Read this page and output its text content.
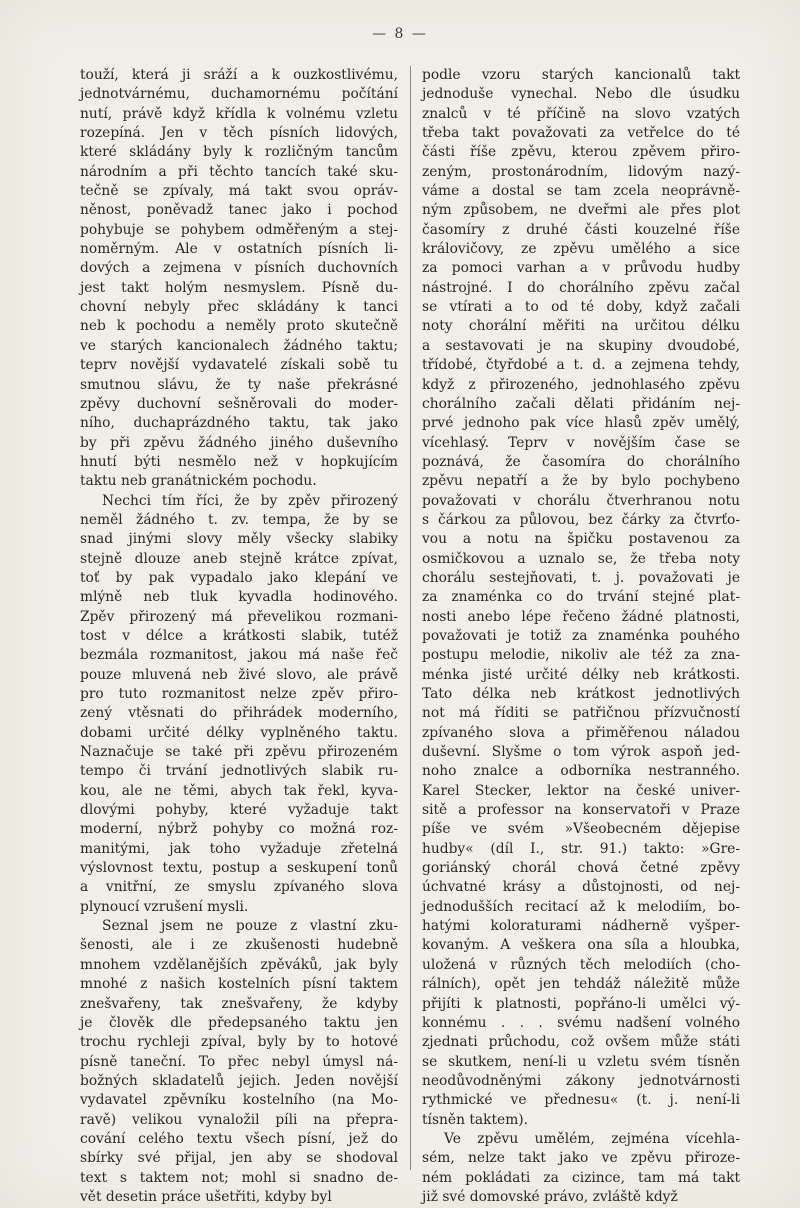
— 8 —
touží, která ji sráží a k ouzkostlivému,
jednotvárnému, duchamornému počítání
nutí, právě když křídla k volnému vzletu
rozepíná. Jen v těch písních lidových,
které skládány byly k rozličným tancům
národním a při těchto tancích také sku-
tečně se zpívaly, má takt svou opráv-
něnost, poněvadž tanec jako i pochod
pohybuje se pohybem odměřeným a stej-
noměrným. Ale v ostatních písních li-
dových a zejmena v písních duchovních
jest takt holým nesmyslem. Písně du-
chovní nebyly přec skládány k tanci
neb k pochodu a neměly proto skutečně
ve starých kancionalech žádného taktu;
teprv novější vydavatelé získali sobě tu
smutnou slávu, že ty naše překrásné
zpěvy duchovní sešněrovali do moder-
ního, duchaprázdného taktu, tak jako
by při zpěvu žádného jiného duševního
hnutí býti nesmělo než v hopkujícím
taktu neb granátnickém pochodu.
Nechci tím říci, že by zpěv přirozený
neměl žádného t. zv. tempa, že by se
snad jinými slovy měly všecky slabiky
stejně dlouze aneb stejně krátce zpívat,
toť by pak vypadalo jako klepání ve
mlýně neb tluk kyvadla hodinového.
Zpěv přirozený má převelikou rozmani-
tost v délce a krátkosti slabik, tutéž
bezmála rozmanitost, jakou má naše řeč
pouze mluvená neb živé slovo, ale právě
pro tuto rozmanitost nelze zpěv přiro-
zený vtěsnati do přihrádek moderního,
dobami určité délky vyplněného taktu.
Naznačuje se také při zpěvu přirozeném
tempo či trvání jednotlivých slabik ru-
kou, ale ne těmi, abych tak řekl, kyva-
dlovými pohyby, které vyžaduje takt
moderní, nýbrž pohyby co možná roz-
manitými, jak toho vyžaduje zřetelná
výslovnost textu, postup a seskupení tonů
a vnitřní, ze smyslu zpívaného slova
plynoucí vzrušení mysli.
Seznal jsem ne pouze z vlastní zku-
šenosti, ale i ze zkušenosti hudebně
mnohem vzdělanějších zpěváků, jak byly
mnohé z našich kostelních písní taktem
znešvařeny, tak znešvařeny, že kdyby
je člověk dle předepsaného taktu jen
trochu rychleji zpíval, byly by to hotové
písně taneční. To přec nebyl úmysl ná-
božných skladatelů jejich. Jeden novější
vydavatel zpěvníku kostelního (na Mo-
ravě) velikou vynaložil píli na přepra-
cování celého textu všech písní, jež do
sbírky své přijal, jen aby se shodoval
text s taktem not; mohl si snadno de-
vět desetin práce ušetřiti, kdyby byl
podle vzoru starých kancionalů takt
jednoduše vynechal. Nebo dle úsudku
znalců v té příčině na slovo vzatých
třeba takt považovati za vetřelce do té
části říše zpěvu, kterou zpěvem přiro-
zeným, prostonárodním, lidovým nazý-
váme a dostal se tam zcela neoprávně-
ným způsobem, ne dveřmi ale přes plot
časomíry z druhé části kouzelné říše
královičovy, ze zpěvu umělého a sice
za pomoci varhan a v průvodu hudby
nástrojné. I do chorálního zpěvu začal
se vtírati a to od té doby, když začali
noty chorální měřiti na určitou délku
a sestavovati je na skupiny dvoudobé,
třídobé, čtyřdobé a t. d. a zejmena tehdy,
když z přirozeného, jednohlasého zpěvu
chorálního začali dělati přidáním nej-
prvé jednoho pak více hlasů zpěv umělý,
vícehlasý. Teprv v novějším čase se
poznává, že časomíra do chorálního
zpěvu nepatří a že by bylo pochybeno
považovati v chorálu čtverhranou notu
s čárkou za půlovou, bez čárky za čtvrťo-
vou a notu na špičku postavenou za
osmičkovou a uznalo se, že třeba noty
chorálu sestejňovati, t. j. považovati je
za znaménka co do trvání stejné plat-
nosti anebo lépe řečeno žádné platnosti,
považovati je totiž za znaménka pouhého
postupu melodie, nikoliv ale též za zna-
ménka jisté určité délky neb krátkosti.
Tato délka neb krátkost jednotlivých
not má říditi se patřičnou přízvučností
zpívaného slova a přiměřenou náladou
duševní. Slyšme o tom výrok aspoň jed-
noho znalce a odborníka nestranného.
Karel Stecker, lektor na české univer-
sitě a professor na konservatoři v Praze
píše ve svém »Všeobecném dějepise
hudby« (díl I., str. 91.) takto: »Gre-
goriánský chorál chová četné zpěvy
úchvatné krásy a důstojnosti, od nej-
jednodušších recitací až k melodiím, bo-
hatými koloraturami nádherně vyšper-
kovaným. A veškera ona síla a hloubka,
uložená v různých těch melodiích (cho-
rálních), opět jen tehdáž náležitě může
přijíti k platnosti, popřáno-li umělci vý-
konnému . . . svému nadšení volného
zjednati průchodu, což ovšem může státi
se skutkem, není-li u vzletu svém tísněn
neodůvodněnými zákony jednotvárnosti
rythmické ve přednesu« (t. j. není-li
tísněn taktem).
Ve zpěvu umělém, zejména vícehla-
sém, nelze takt jako ve zpěvu přiroze-
ném pokládati za cizince, tam má takt
již své domovské právo, zvláště když
